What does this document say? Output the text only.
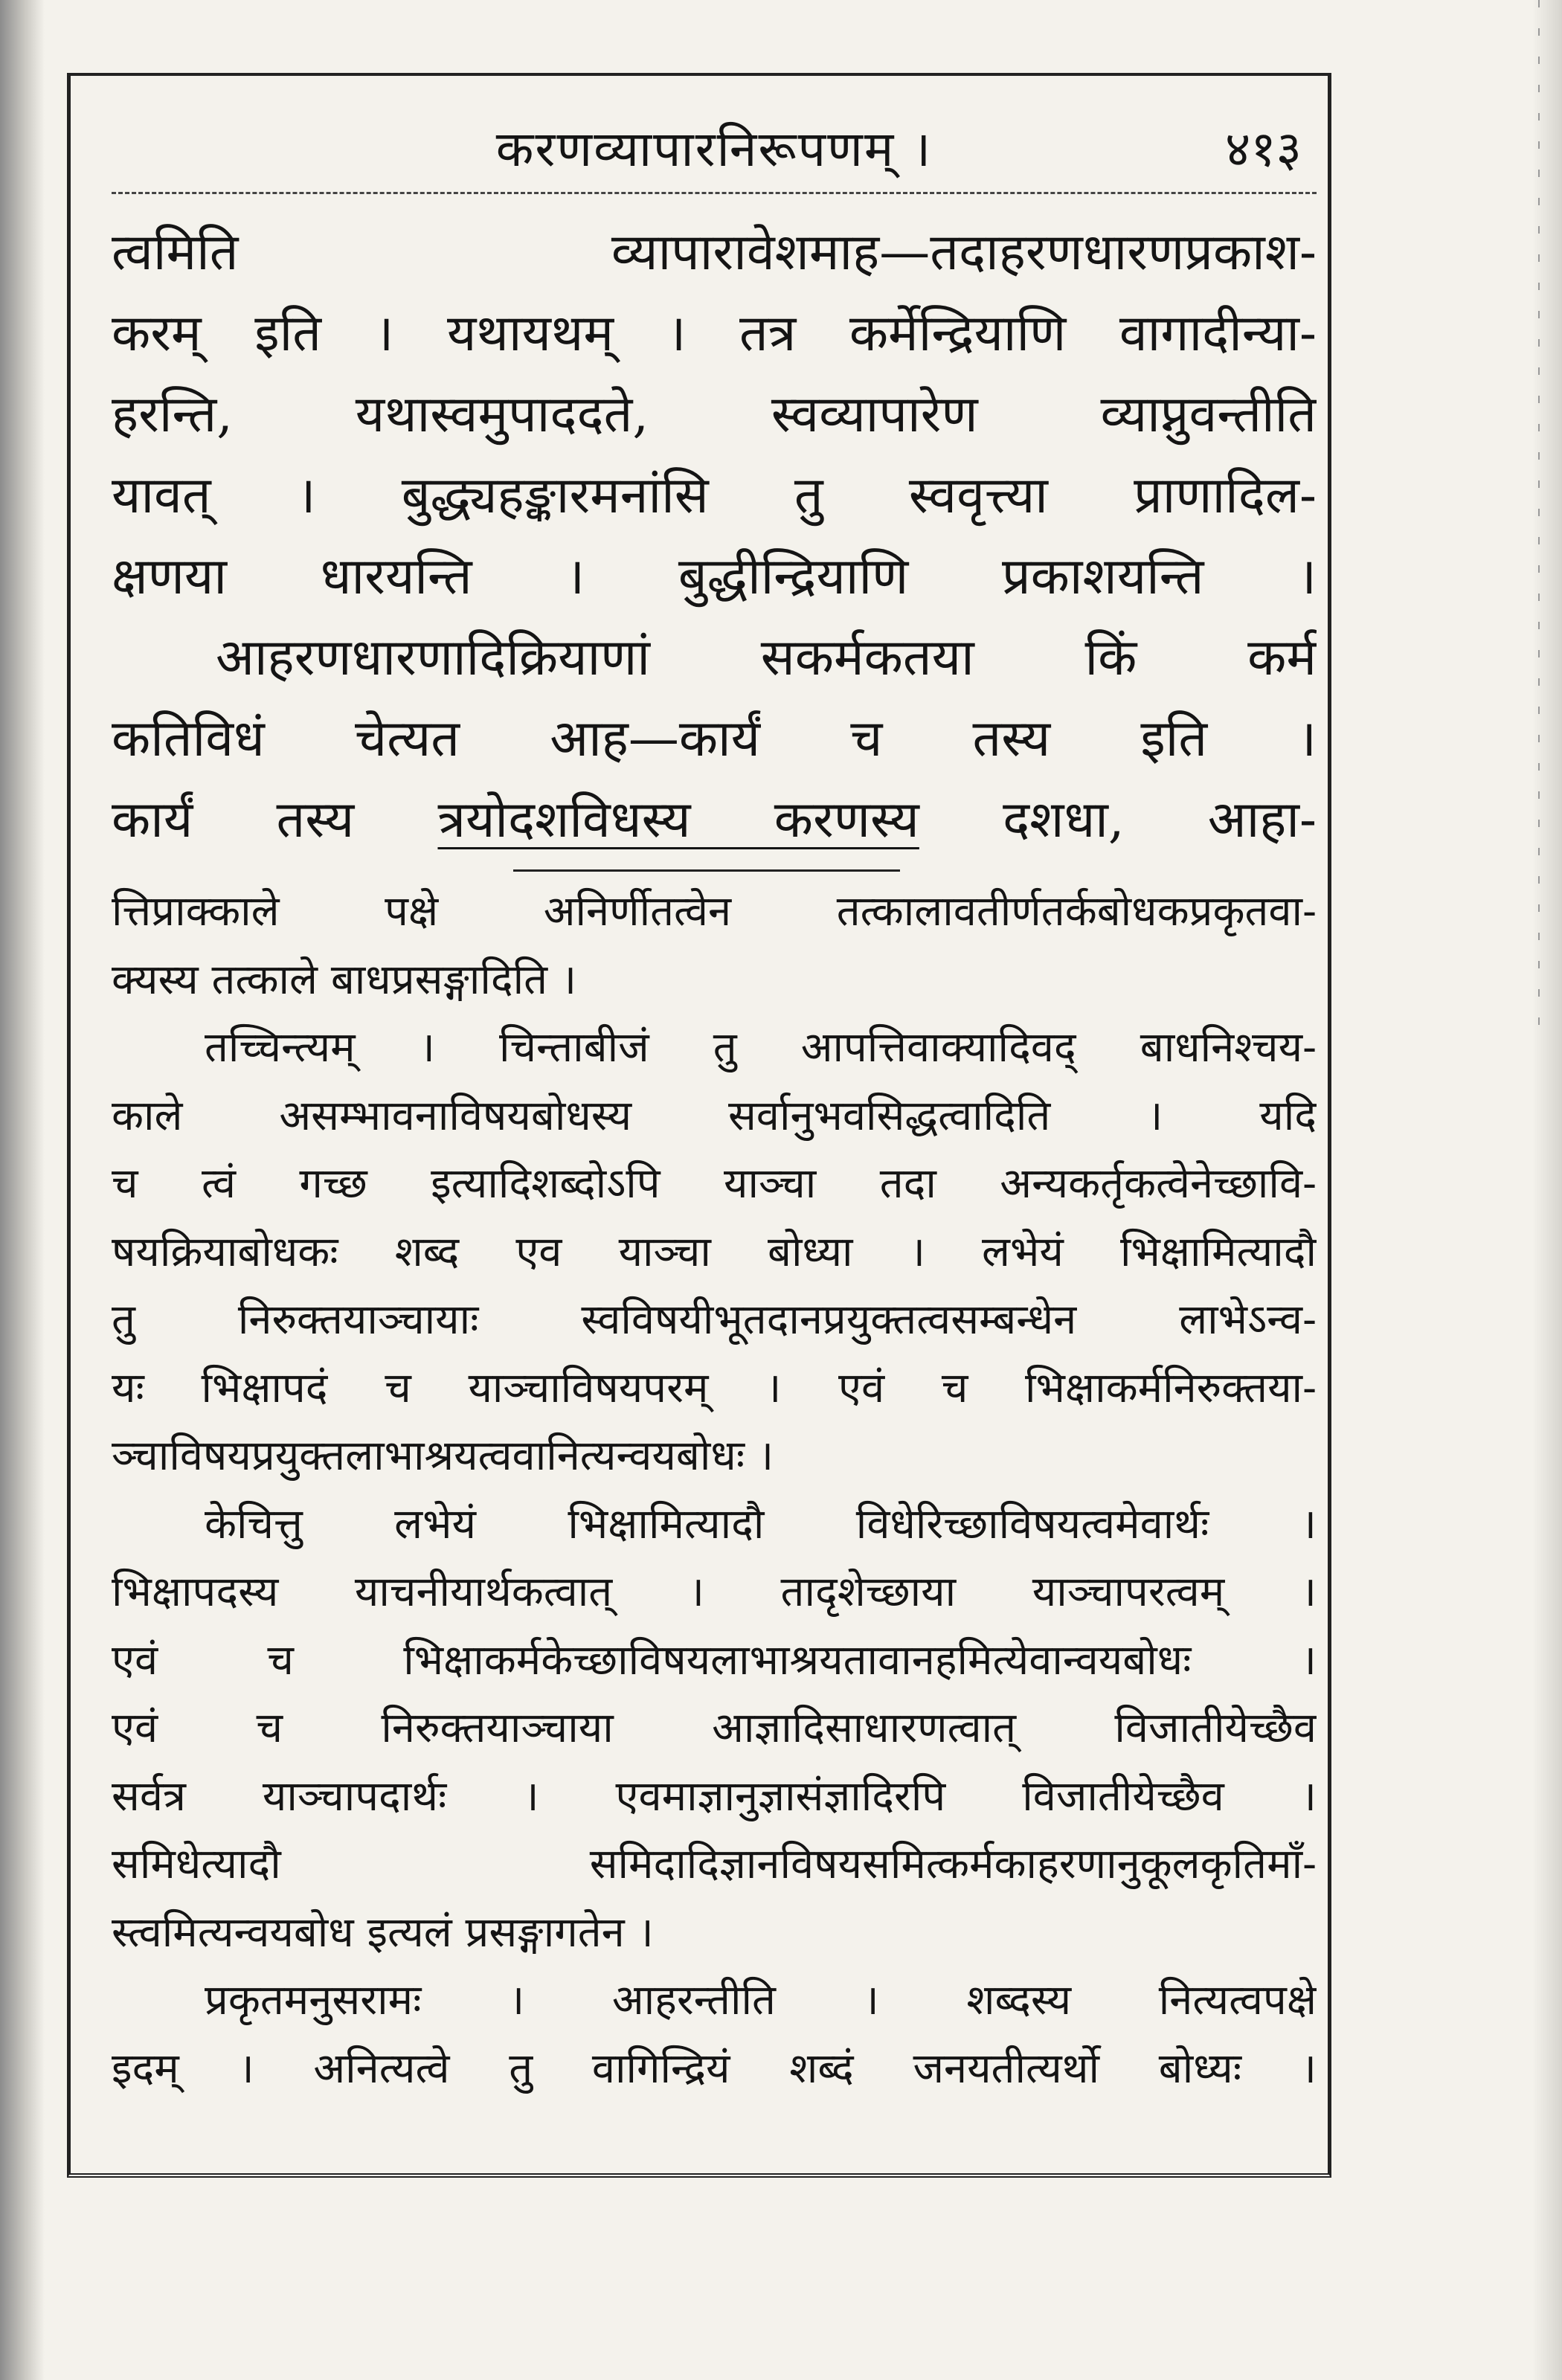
करणव्यापारनिरूपणम् ।	४१३
त्वमिति व्यापारावेशमाह—तदाहरणधारणप्रकाश-
करम् इति । यथायथम् । तत्र कर्मेन्द्रियाणि वागादीन्या-
हरन्ति, यथास्वमुपाददते, स्वव्यापारेण व्याप्नुवन्तीति
यावत् । बुद्ध्यहङ्कारमनांसि तु स्ववृत्त्या प्राणादिल-
क्षणया धारयन्ति । बुद्धीन्द्रियाणि प्रकाशयन्ति ।
आहरणधारणादिक्रियाणां सकर्मकतया किं कर्म
कतिविधं चेत्यत आह—कार्यं च तस्य इति ।
कार्यं तस्य त्रयोदशविधस्य करणस्य दशधा, आहा-
त्तिप्राक्काले पक्षे अनिर्णीतत्वेन तत्कालावतीर्णतर्कबोधकप्रकृतवा-
क्यस्य तत्काले बाधप्रसङ्गादिति ।
तच्चिन्त्यम् । चिन्ताबीजं तु आपत्तिवाक्यादिवद् बाधनिश्चय-
काले असम्भावनाविषयबोधस्य सर्वानुभवसिद्धत्वादिति । यदि
च त्वं गच्छ इत्यादिशब्दोऽपि याञ्चा तदा अन्यकर्तृकत्वेनेच्छावि-
षयक्रियाबोधकः शब्द एव याञ्चा बोध्या । लभेयं भिक्षामित्यादौ
तु निरुक्तयाञ्चायाः स्वविषयीभूतदानप्रयुक्तत्वसम्बन्धेन लाभेऽन्व-
यः भिक्षापदं च याञ्चाविषयपरम् । एवं च भिक्षाकर्मनिरुक्तया-
ञ्चाविषयप्रयुक्तलाभाश्रयत्ववानित्यन्वयबोधः ।
केचित्तु लभेयं भिक्षामित्यादौ विधेरिच्छाविषयत्वमेवार्थः ।
भिक्षापदस्य याचनीयार्थकत्वात् । तादृशेच्छाया याञ्चापरत्वम् ।
एवं च भिक्षाकर्मकेच्छाविषयलाभाश्रयतावानहमित्येवान्वयबोधः ।
एवं च निरुक्तयाञ्चाया आज्ञादिसाधारणत्वात् विजातीयेच्छैव
सर्वत्र याञ्चापदार्थः । एवमाज्ञानुज्ञासंज्ञादिरपि विजातीयेच्छैव ।
समिधेत्यादौ समिदादिज्ञानविषयसमित्कर्मकाहरणानुकूलकृतिमाँ-
स्त्वमित्यन्वयबोध इत्यलं प्रसङ्गागतेन ।
प्रकृतमनुसरामः । आहरन्तीति । शब्दस्य नित्यत्वपक्षे
इदम् । अनित्यत्वे तु वागिन्द्रियं शब्दं जनयतीत्यर्थो बोध्यः ।
